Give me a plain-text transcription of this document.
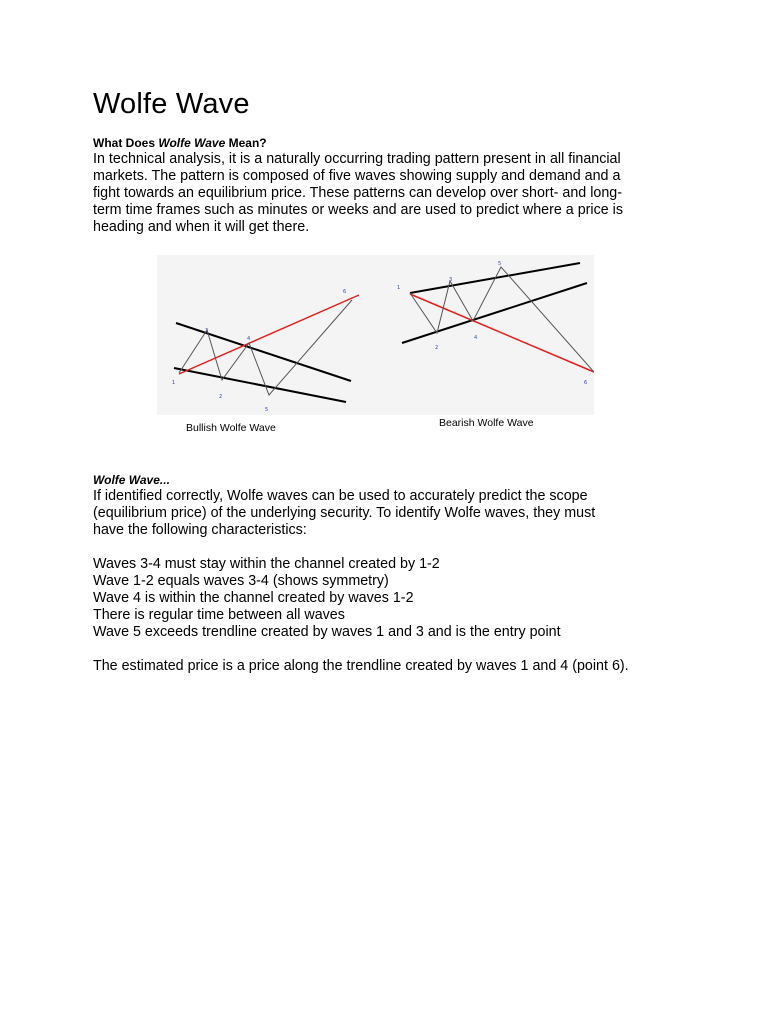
Wolfe Wave
What Does Wolfe Wave Mean?

In technical analysis, it is a naturally occurring trading pattern present in all financial

markets. The pattern is composed of five waves showing supply and demand and a

fight towards an equilibrium price. These patterns can develop over short- and long-

term time frames such as minutes or weeks and are used to predict where a price is

heading and when it will get there.

1
2
3
4
5
6
1
2
3
4
5
6
Bullish Wolfe Wave	Bearish Wolfe Wave
Wolfe Wave...

If identified correctly, Wolfe waves can be used to accurately predict the scope

(equilibrium price) of the underlying security. To identify Wolfe waves, they must

have the following characteristics:

Waves 3-4 must stay within the channel created by 1-2
Wave 1-2 equals waves 3-4 (shows symmetry)
Wave 4 is within the channel created by waves 1-2
There is regular time between all waves
Wave 5 exceeds trendline created by waves 1 and 3 and is the entry point

The estimated price is a price along the trendline created by waves 1 and 4 (point 6).
